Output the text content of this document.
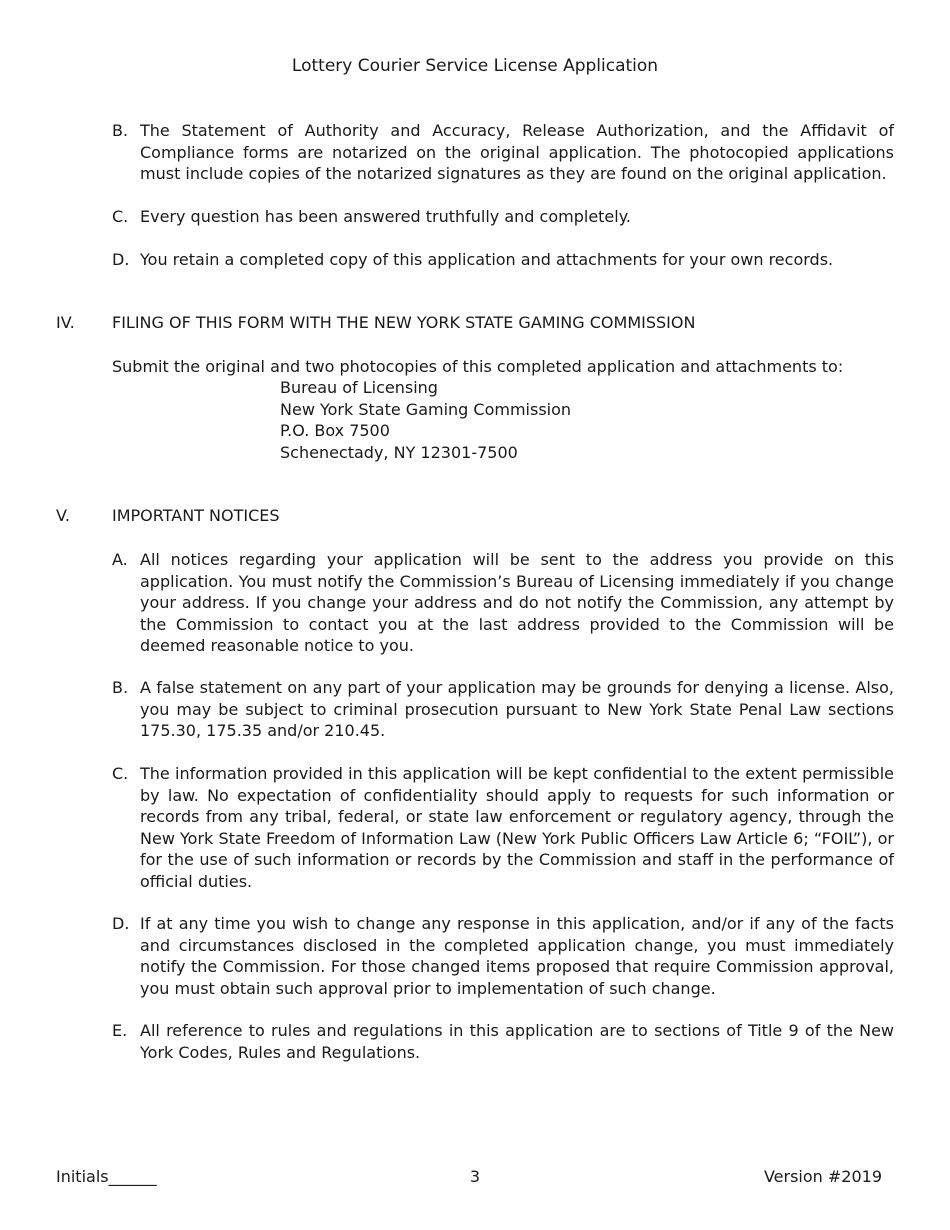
Lottery Courier Service License Application
B. The Statement of Authority and Accuracy, Release Authorization, and the Affidavit of Compliance forms are notarized on the original application. The photocopied applications must include copies of the notarized signatures as they are found on the original application.
C. Every question has been answered truthfully and completely.
D. You retain a completed copy of this application and attachments for your own records.
IV.	FILING OF THIS FORM WITH THE NEW YORK STATE GAMING COMMISSION
Submit the original and two photocopies of this completed application and attachments to:
Bureau of Licensing
New York State Gaming Commission
P.O. Box 7500
Schenectady, NY 12301-7500
V.	IMPORTANT NOTICES
A. All notices regarding your application will be sent to the address you provide on this application. You must notify the Commission’s Bureau of Licensing immediately if you change your address. If you change your address and do not notify the Commission, any attempt by the Commission to contact you at the last address provided to the Commission will be deemed reasonable notice to you.
B. A false statement on any part of your application may be grounds for denying a license. Also, you may be subject to criminal prosecution pursuant to New York State Penal Law sections 175.30, 175.35 and/or 210.45.
C. The information provided in this application will be kept confidential to the extent permissible by law. No expectation of confidentiality should apply to requests for such information or records from any tribal, federal, or state law enforcement or regulatory agency, through the New York State Freedom of Information Law (New York Public Officers Law Article 6; “FOIL”), or for the use of such information or records by the Commission and staff in the performance of official duties.
D. If at any time you wish to change any response in this application, and/or if any of the facts and circumstances disclosed in the completed application change, you must immediately notify the Commission. For those changed items proposed that require Commission approval, you must obtain such approval prior to implementation of such change.
E. All reference to rules and regulations in this application are to sections of Title 9 of the New York Codes, Rules and Regulations.
Initials______	3	Version #2019
